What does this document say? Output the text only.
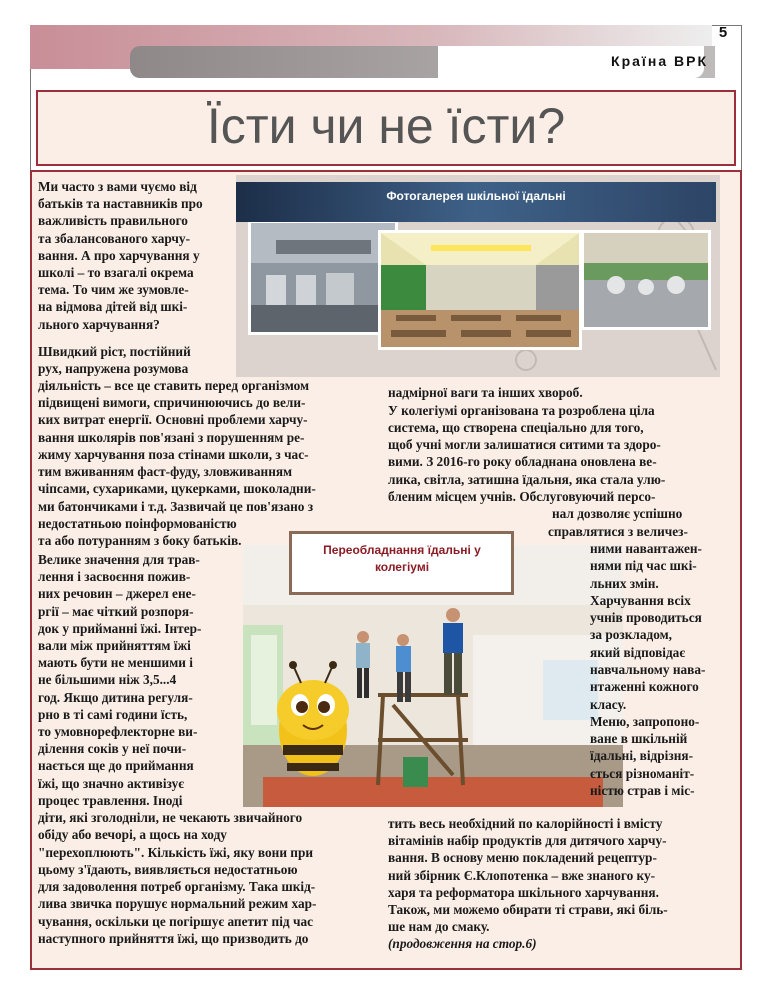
Країна ВРК
5
Їсти чи не їсти?
Фотогалерея шкільної їдальні
Переобладнання їдальні у колегіумі
Ми часто з вами чуємо від
батьків та наставників про
важливість правильного
та збалансованого харчу-
вання. А про харчування у
школі – то взагалі окрема
тема. То чим же зумовле-
на відмова дітей від шкі-
льного харчування?
Швидкий ріст, постійний
рух, напружена розумова
діяльність – все це ставить перед організмом
підвищені вимоги, спричинюючись до вели-
ких витрат енергії. Основні проблеми харчу-
вання школярів пов'язані з порушенням ре-
жиму харчування поза стінами школи, з час-
тим вживанням фаст-фуду, зловживанням
чіпсами, сухариками, цукерками, шоколадни-
ми батончиками і т.д. Зазвичай це пов'язано з
недостатньою поінформованістю
та або потуранням з боку батьків.
Велике значення для трав-
лення і засвоєння пожив-
них речовин – джерел ене-
ргії – має чіткий розпоря-
док у прийманні їжі. Інтер-
вали між прийняттям їжі
мають бути не меншими і
не більшими ніж 3,5...4
год. Якщо дитина регуля-
рно в ті самі години їсть,
то умовнорефлекторне ви-
ділення соків у неї почи-
нається ще до приймання
їжі, що значно активізує
процес травлення. Іноді
діти, які зголодніли, не чекають звичайного
обіду або вечорі, а щось на ходу
"перехоплюють". Кількість їжі, яку вони при
цьому з'їдають, виявляється недостатньою
для задоволення потреб організму. Така шкід-
лива звичка порушує нормальний режим хар-
чування, оскільки це погіршує апетит під час
наступного прийняття їжі, що призводить до
надмірної ваги та інших хвороб.
У колегіумі організована та розроблена ціла
система, що створена спеціально для того,
щоб учні могли залишатися ситими та здоро-
вими. З 2016-го року обладнана оновлена ве-
лика, світла, затишна їдальня, яка стала улю-
бленим місцем учнів. Обслуговуючий персо-
нал дозволяє успішно
справлятися з величез-
ними навантажен-
нями під час шкі-
льних змін.
Харчування всіх
учнів проводиться
за розкладом,
який відповідає
навчальному нава-
нтаженні кожного
класу.
Меню, запропоно-
ване в шкільній
їдальні, відрізня-
ється різноманіт-
ністю страв і міс-
тить весь необхідний по калорійності і вмісту
вітамінів набір продуктів для дитячого харчу-
вання. В основу меню покладений рецептур-
ний збірник Є.Клопотенка – вже знаного ку-
харя та реформатора шкільного харчування.
Також, ми можемо обирати ті страви, які біль-
ше нам до смаку.
(продовження на стор.6)
